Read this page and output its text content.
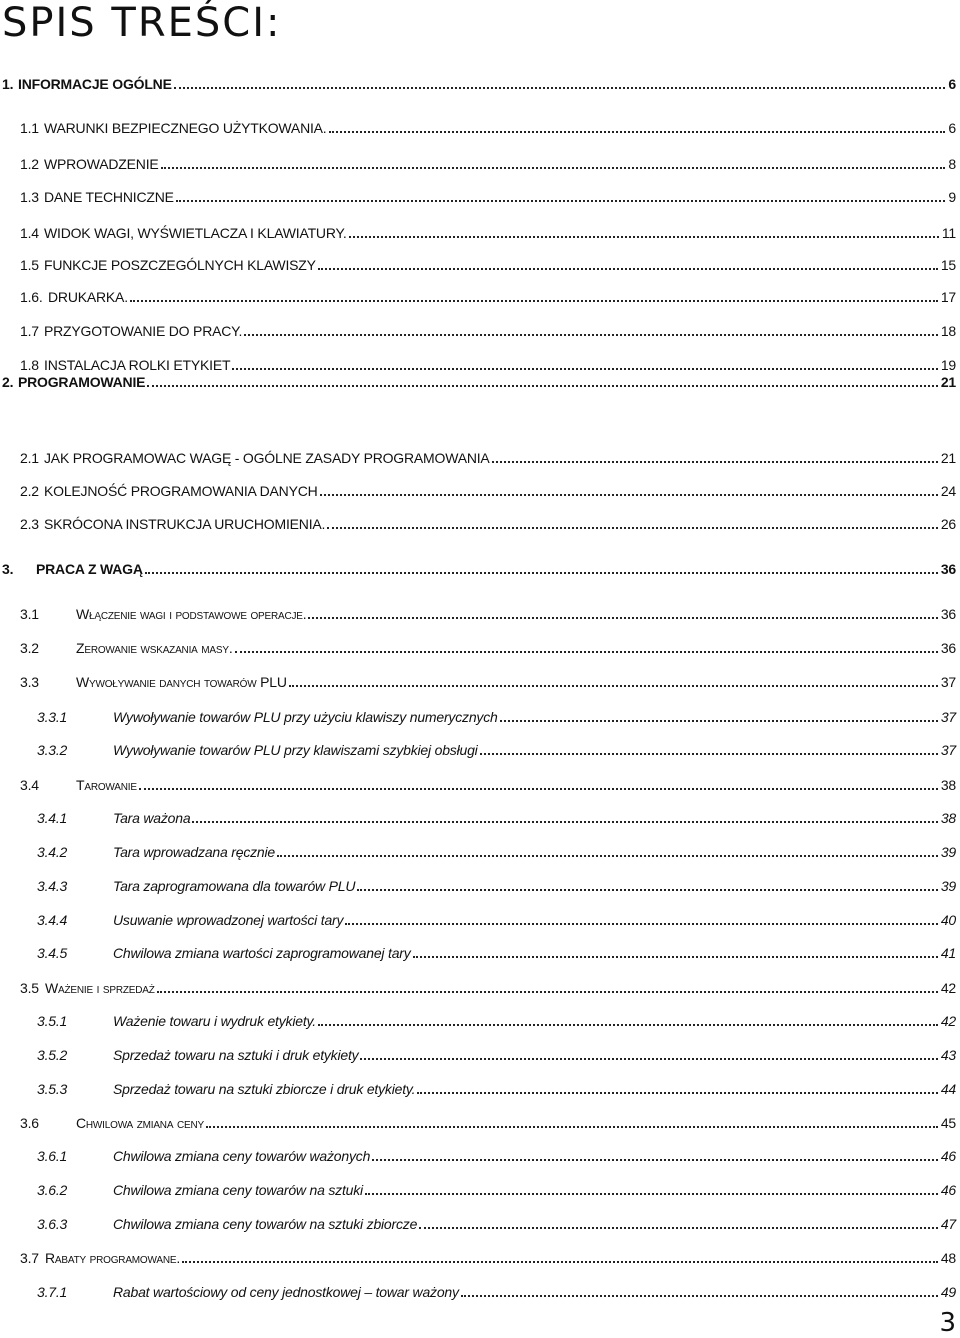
SPIS TREŚCI:
1. INFORMACJE OGÓLNE	6
1.1 WARUNKI BEZPIECZNEGO UŻYTKOWANIA.	6
1.2 WPROWADZENIE	8
1.3 DANE TECHNICZNE	9
1.4 WIDOK WAGI, WYŚWIETLACZA I KLAWIATURY.	11
1.5 FUNKCJE POSZCZEGÓLNYCH KLAWISZY	15
1.6. DRUKARKA.	17
1.7 PRZYGOTOWANIE DO PRACY.	18
1.8 INSTALACJA ROLKI ETYKIET	19
2. PROGRAMOWANIE	21
2.1 JAK PROGRAMOWAC WAGĘ - OGÓLNE ZASADY PROGRAMOWANIA	21
2.2 KOLEJNOŚĆ PROGRAMOWANIA DANYCH	24
2.3 SKRÓCONA INSTRUKCJA URUCHOMIENIA.	26
3.	PRACA Z WAGĄ	36
3.1	Włączenie wagi i podstawowe operacje.	36
3.2	Zerowanie wskazania masy.	36
3.3	Wywoływanie danych towarów PLU	37
3.3.1	Wywoływanie towarów PLU przy użyciu klawiszy numerycznych	37
3.3.2	Wywoływanie towarów PLU przy klawiszami szybkiej obsługi	37
3.4	Tarowanie	38
3.4.1	Tara ważona	38
3.4.2	Tara wprowadzana ręcznie	39
3.4.3	Tara zaprogramowana dla towarów PLU	39
3.4.4	Usuwanie wprowadzonej wartości tary	40
3.4.5	Chwilowa zmiana wartości zaprogramowanej tary	41
3.5 Ważenie i sprzedaż	42
3.5.1	Ważenie towaru i wydruk etykiety.	42
3.5.2	Sprzedaż towaru na sztuki i druk etykiety	43
3.5.3	Sprzedaż towaru na sztuki zbiorcze i druk etykiety.	44
3.6	Chwilowa zmiana ceny	45
3.6.1	Chwilowa zmiana ceny towarów ważonych	46
3.6.2	Chwilowa zmiana ceny towarów na sztuki	46
3.6.3	Chwilowa zmiana ceny towarów na sztuki zbiorcze	47
3.7 Rabaty programowane.	48
3.7.1	Rabat wartościowy od ceny jednostkowej – towar ważony	49
3
